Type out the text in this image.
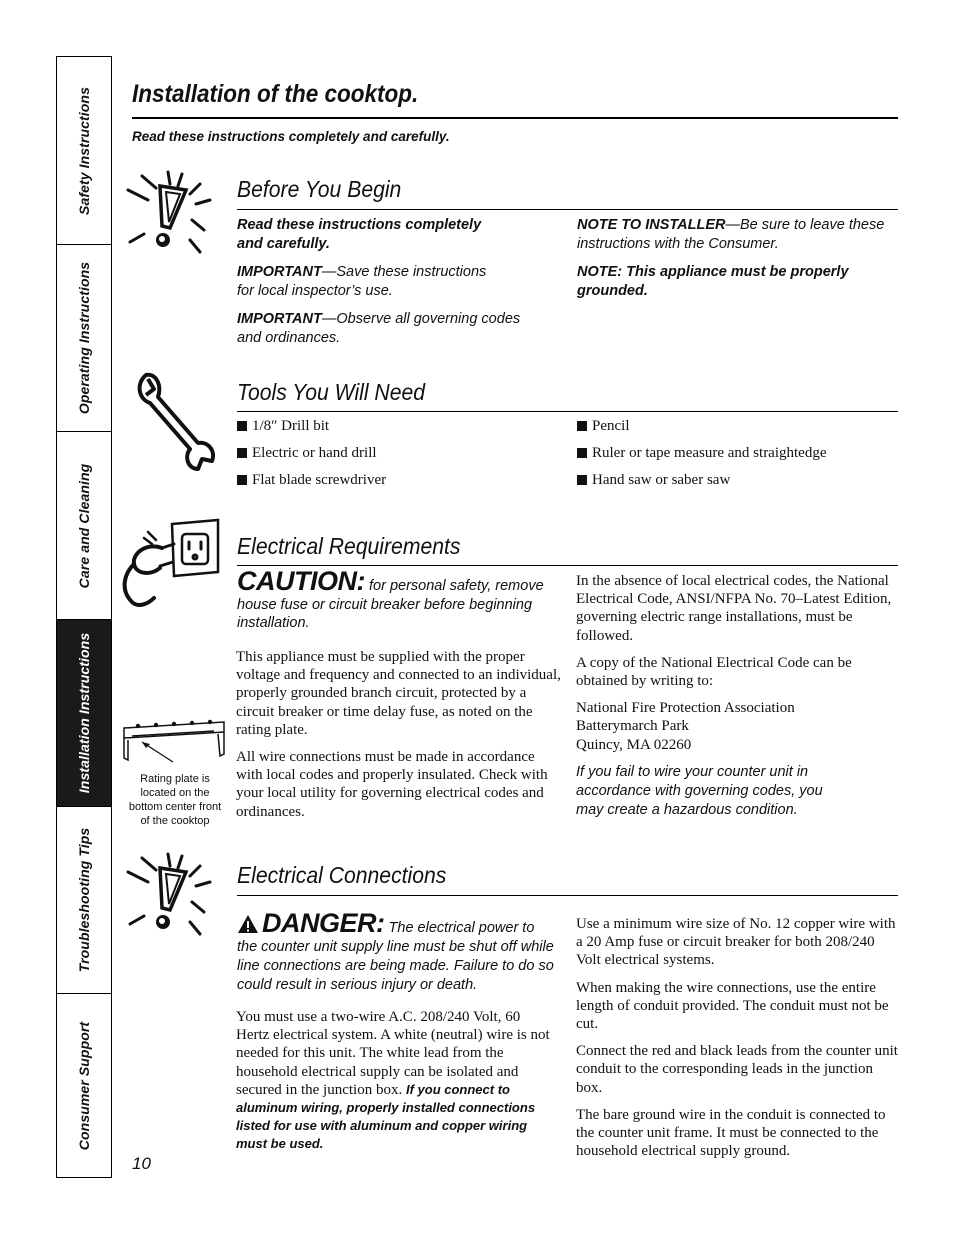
Safety Instructions
Operating Instructions
Care and Cleaning
Installation Instructions
Troubleshooting Tips
Consumer Support
Installation of the cooktop.
Read these instructions completely and carefully.
Before You Begin

Read these instructions completely and carefully.

IMPORTANT—Save these instructions for local inspector’s use.

IMPORTANT—Observe all governing codes and ordinances.

NOTE TO INSTALLER—Be sure to leave these instructions with the Consumer.

NOTE: This appliance must be properly grounded.

Tools You Will Need
1/8″ Drill bit
Electric or hand drill
Flat blade screwdriver
Pencil
Ruler or tape measure and straightedge
Hand saw or saber saw
Electrical Requirements

CAUTION: for personal safety, remove house fuse or circuit breaker before beginning installation.

This appliance must be supplied with the proper voltage and frequency and connected to an individual, properly grounded branch circuit, protected by a circuit breaker or time delay fuse, as noted on the rating plate.

All wire connections must be made in accordance with local codes and properly insulated. Check with your local utility for governing electrical codes and ordinances.

Rating plate is located on the bottom center front of the cooktop

In the absence of local electrical codes, the National Electrical Code, ANSI/NFPA No. 70–Latest Edition, governing electric range installations, must be followed.

A copy of the National Electrical Code can be obtained by writing to:

National Fire Protection Association

Batterymarch Park

Quincy, MA 02260

If you fail to wire your counter unit in accordance with governing codes, you may create a hazardous condition.

Electrical Connections

DANGER: The electrical power to the counter unit supply line must be shut off while line connections are being made. Failure to do so could result in serious injury or death.

You must use a two-wire A.C. 208/240 Volt, 60 Hertz electrical system. A white (neutral) wire is not needed for this unit. The white lead from the household electrical supply can be isolated and secured in the junction box. If you connect to aluminum wiring, properly installed connections listed for use with aluminum and copper wiring must be used.

Use a minimum wire size of No. 12 copper wire with a 20 Amp fuse or circuit breaker for both 208/240 Volt electrical systems.

When making the wire connections, use the entire length of conduit provided. The conduit must not be cut.

Connect the red and black leads from the counter unit conduit to the corresponding leads in the junction box.

The bare ground wire in the conduit is connected to the counter unit frame. It must be connected to the household electrical supply ground.

10
